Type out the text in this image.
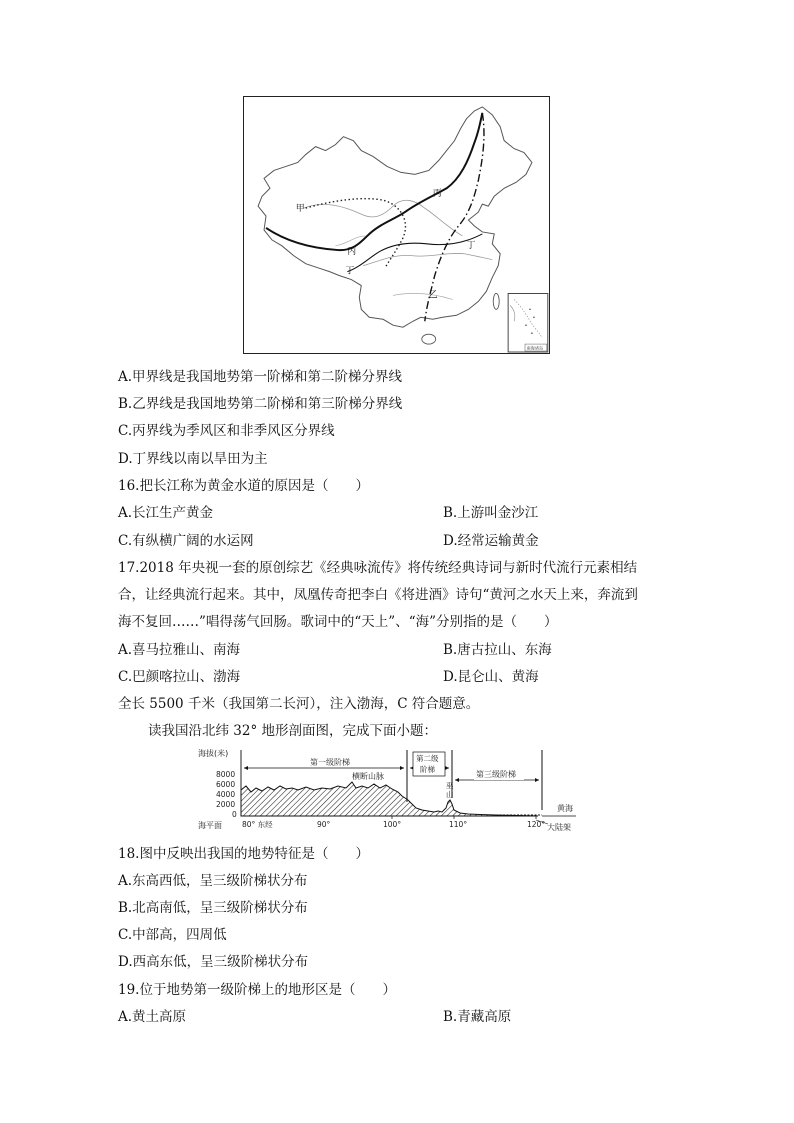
甲
乙
丙
丙
丁
丁
南海诸岛
A.甲界线是我国地势第一阶梯和第二阶梯分界线
B.乙界线是我国地势第二阶梯和第三阶梯分界线
C.丙界线为季风区和非季风区分界线
D.丁界线以南以旱田为主
16.把长江称为黄金水道的原因是（　　）
A.长江生产黄金	B.上游叫金沙江
C.有纵横广阔的水运网	D.经常运输黄金
17.2018 年央视一套的原创综艺《经典咏流传》将传统经典诗词与新时代流行元素相结
合，让经典流行起来。其中，凤凰传奇把李白《将进酒》诗句“黄河之水天上来，奔流到
海不复回……”唱得荡气回肠。歌词中的“天上”、“海”分别指的是（　　）
A.喜马拉雅山、南海	B.唐古拉山、东海
C.巴颜喀拉山、渤海	D.昆仑山、黄海
全长 5500 千米（我国第二长河），注入渤海，C 符合题意。
读我国沿北纬 32° 地形剖面图，完成下面小题：
海拔(米)
8000
6000
4000
2000
0
海平面	80° 东经	90°	100°	110°	120°
第一级阶梯	第二级
阶梯
第三级阶梯
横断山脉
巫
山
黄海
大陆架
18.图中反映出我国的地势特征是（　　）
A.东高西低，呈三级阶梯状分布
B.北高南低，呈三级阶梯状分布
C.中部高，四周低
D.西高东低，呈三级阶梯状分布
19.位于地势第一级阶梯上的地形区是（　　）
A.黄土高原	B.青藏高原
